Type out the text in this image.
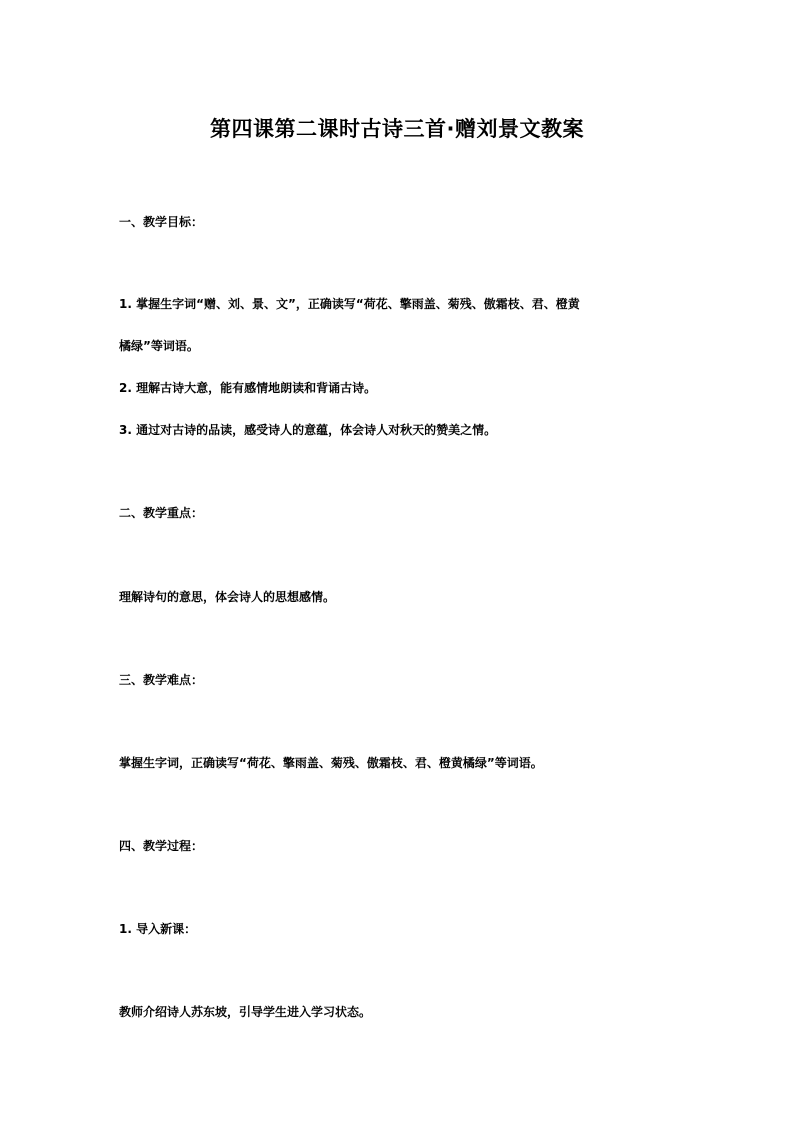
第四课第二课时古诗三首·赠刘景文教案

一、教学目标：

1. 掌握生字词“赠、刘、景、文”，正确读写“荷花、擎雨盖、菊残、傲霜枝、君、橙黄

橘绿”等词语。

2. 理解古诗大意，能有感情地朗读和背诵古诗。

3. 通过对古诗的品读，感受诗人的意蕴，体会诗人对秋天的赞美之情。

二、教学重点：

理解诗句的意思，体会诗人的思想感情。

三、教学难点：

掌握生字词，正确读写“荷花、擎雨盖、菊残、傲霜枝、君、橙黄橘绿”等词语。

四、教学过程：

1. 导入新课：

教师介绍诗人苏东坡，引导学生进入学习状态。
